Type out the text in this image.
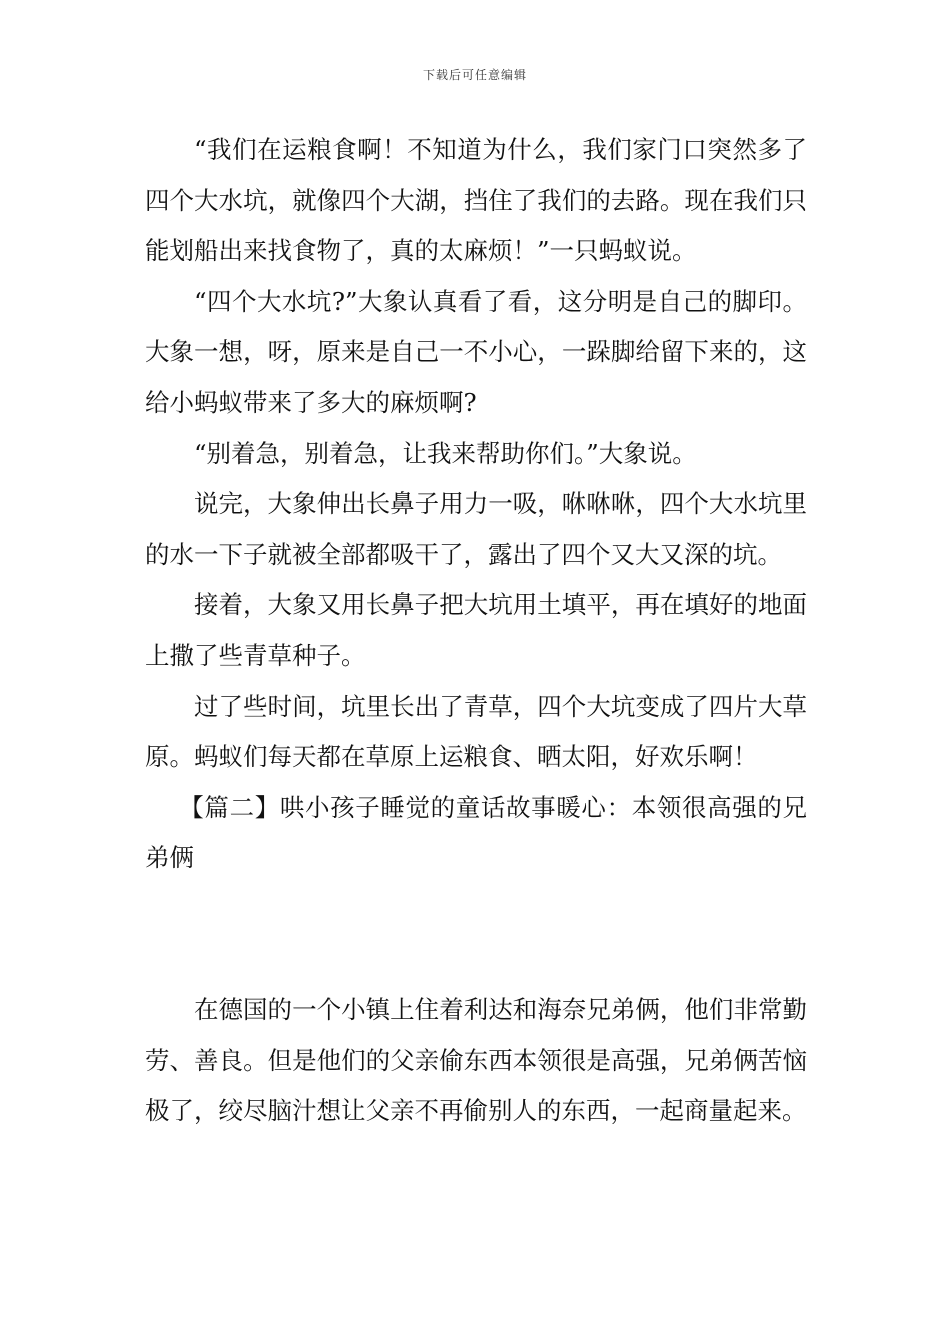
下载后可任意编辑

“我们在运粮食啊！不知道为什么，我们家门口突然多了四个大水坑，就像四个大湖，挡住了我们的去路。现在我们只能划船出来找食物了，真的太麻烦！”一只蚂蚁说。

“四个大水坑?”大象认真看了看，这分明是自己的脚印。大象一想，呀，原来是自己一不小心，一跺脚给留下来的，这给小蚂蚁带来了多大的麻烦啊?

“别着急，别着急，让我来帮助你们。”大象说。

说完，大象伸出长鼻子用力一吸，咻咻咻，四个大水坑里的水一下子就被全部都吸干了，露出了四个又大又深的坑。

接着，大象又用长鼻子把大坑用土填平，再在填好的地面上撒了些青草种子。

过了些时间，坑里长出了青草，四个大坑变成了四片大草原。蚂蚁们每天都在草原上运粮食、晒太阳，好欢乐啊！

【篇二】哄小孩子睡觉的童话故事暖心：本领很高强的兄弟俩

在德国的一个小镇上住着利达和海奈兄弟俩，他们非常勤劳、善良。但是他们的父亲偷东西本领很是高强，兄弟俩苦恼极了，绞尽脑汁想让父亲不再偷别人的东西，一起商量起来。
